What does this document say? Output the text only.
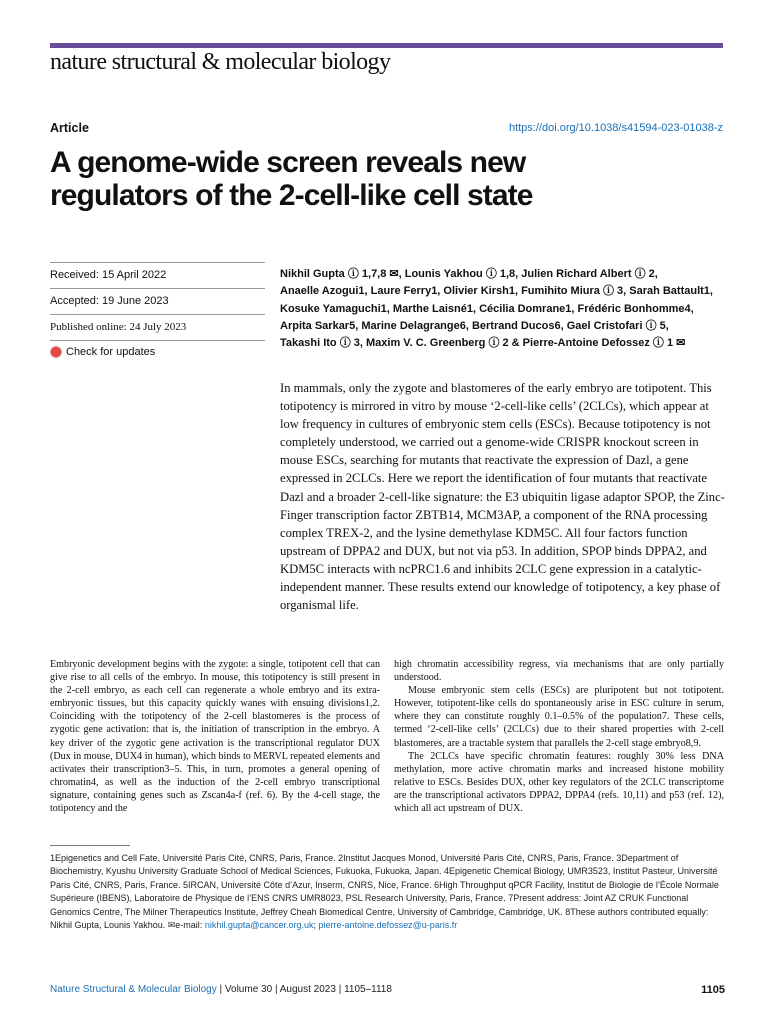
nature structural & molecular biology
Article	https://doi.org/10.1038/s41594-023-01038-z
A genome-wide screen reveals new
regulators of the 2-cell-like cell state
Received: 15 April 2022
Accepted: 19 June 2023
Published online: 24 July 2023
Check for updates

Nikhil Gupta ⓘ 1,7,8 ✉, Lounis Yakhou ⓘ 1,8, Julien Richard Albert ⓘ 2,
Anaelle Azogui1, Laure Ferry1, Olivier Kirsh1, Fumihito Miura ⓘ 3, Sarah Battault1,
Kosuke Yamaguchi1, Marthe Laisné1, Cécilia Domrane1, Frédéric Bonhomme4,
Arpita Sarkar5, Marine Delagrange6, Bertrand Ducos6, Gael Cristofari ⓘ 5,
Takashi Ito ⓘ 3, Maxim V. C. Greenberg ⓘ 2 & Pierre-Antoine Defossez ⓘ 1 ✉

In mammals, only the zygote and blastomeres of the early embryo are totipotent. This totipotency is mirrored in vitro by mouse ‘2-cell-like cells’ (2CLCs), which appear at low frequency in cultures of embryonic stem cells (ESCs). Because totipotency is not completely understood, we carried out a genome-wide CRISPR knockout screen in mouse ESCs, searching for mutants that reactivate the expression of Dazl, a gene expressed in 2CLCs. Here we report the identification of four mutants that reactivate Dazl and a broader 2-cell-like signature: the E3 ubiquitin ligase adaptor SPOP, the Zinc-Finger transcription factor ZBTB14, MCM3AP, a component of the RNA processing complex TREX-2, and the lysine demethylase KDM5C. All four factors function upstream of DPPA2 and DUX, but not via p53. In addition, SPOP binds DPPA2, and KDM5C interacts with ncPRC1.6 and inhibits 2CLC gene expression in a catalytic-independent manner. These results extend our knowledge of totipotency, a key phase of organismal life.

Embryonic development begins with the zygote: a single, totipotent cell that can give rise to all cells of the embryo. In mouse, this totipotency is still present in the 2-cell embryo, as each cell can regenerate a whole embryo and its extra-embryonic tissues, but this capacity quickly wanes with ensuing divisions1,2. Coinciding with the totipotency of the 2-cell blastomeres is the process of zygotic gene activation: that is, the initiation of transcription in the embryo. A key driver of the zygotic gene activation is the transcriptional regulator DUX (Dux in mouse, DUX4 in human), which binds to MERVL repeated elements and activates their transcription3–5. This, in turn, promotes a general opening of chromatin4, as well as the induction of the 2-cell embryo transcriptional signature, containing genes such as Zscan4a-f (ref. 6). By the 4-cell stage, the totipotency and the
high chromatin accessibility regress, via mechanisms that are only partially understood.
Mouse embryonic stem cells (ESCs) are pluripotent but not totipotent. However, totipotent-like cells do spontaneously arise in ESC culture in serum, where they can constitute roughly 0.1–0.5% of the population7. These cells, termed ‘2-cell-like cells’ (2CLCs) due to their shared properties with 2-cell blastomeres, are a tractable system that parallels the 2-cell stage embryo8,9.
The 2CLCs have specific chromatin features: roughly 30% less DNA methylation, more active chromatin marks and increased histone mobility relative to ESCs. Besides DUX, other key regulators of the 2CLC transcriptome are the transcriptional activators DPPA2, DPPA4 (refs. 10,11) and p53 (ref. 12), which all act upstream of DUX.

1Epigenetics and Cell Fate, Université Paris Cité, CNRS, Paris, France. 2Institut Jacques Monod, Université Paris Cité, CNRS, Paris, France. 3Department of Biochemistry, Kyushu University Graduate School of Medical Sciences, Fukuoka, Fukuoka, Japan. 4Epigenetic Chemical Biology, UMR3523, Institut Pasteur, Université Paris Cité, CNRS, Paris, France. 5IRCAN, Université Côte d’Azur, Inserm, CNRS, Nice, France. 6High Throughput qPCR Facility, Institut de Biologie de l’École Normale Supérieure (IBENS), Laboratoire de Physique de l’ENS CNRS UMR8023, PSL Research University, Paris, France. 7Present address: Joint AZ CRUK Functional Genomics Centre, The Milner Therapeutics Institute, Jeffrey Cheah Biomedical Centre, University of Cambridge, Cambridge, UK. 8These authors contributed equally: Nikhil Gupta, Lounis Yakhou. ✉e-mail: nikhil.gupta@cancer.org.uk; pierre-antoine.defossez@u-paris.fr

Nature Structural & Molecular Biology | Volume 30 | August 2023 | 1105–1118	1105
